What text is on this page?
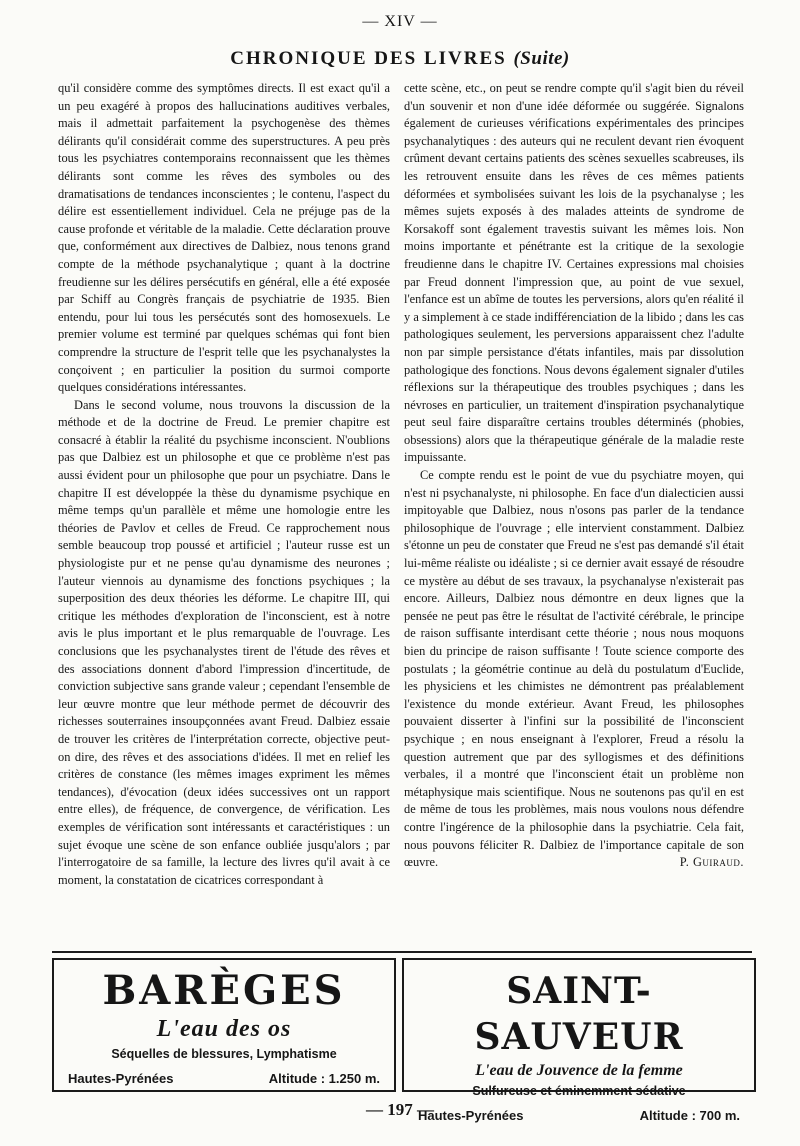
— XIV —
CHRONIQUE DES LIVRES (Suite)

qu'il considère comme des symptômes directs. Il est exact qu'il a un peu exagéré à propos des hallucinations auditives verbales, mais il admettait parfaitement la psychogenèse des thèmes délirants qu'il considérait comme des superstructures. A peu près tous les psychiatres contemporains reconnaissent que les thèmes délirants sont comme les rêves des symboles ou des dramatisations de tendances inconscientes ; le contenu, l'aspect du délire est essentiellement individuel. Cela ne préjuge pas de la cause profonde et véritable de la maladie. Cette déclaration prouve que, conformément aux directives de Dalbiez, nous tenons grand compte de la méthode psychanalytique ; quant à la doctrine freudienne sur les délires persécutifs en général, elle a été exposée par Schiff au Congrès français de psychiatrie de 1935. Bien entendu, pour lui tous les persécutés sont des homosexuels. Le premier volume est terminé par quelques schémas qui font bien comprendre la structure de l'esprit telle que les psychanalystes la conçoivent ; en particulier la position du surmoi comporte quelques considérations intéressantes.

Dans le second volume, nous trouvons la discussion de la méthode et de la doctrine de Freud. Le premier chapitre est consacré à établir la réalité du psychisme inconscient. N'oublions pas que Dalbiez est un philosophe et que ce problème n'est pas aussi évident pour un philosophe que pour un psychiatre. Dans le chapitre II est développée la thèse du dynamisme psychique en même temps qu'un parallèle et même une homologie entre les théories de Pavlov et celles de Freud. Ce rapprochement nous semble beaucoup trop poussé et artificiel ; l'auteur russe est un physiologiste pur et ne pense qu'au dynamisme des neurones ; l'auteur viennois au dynamisme des fonctions psychiques ; la superposition des deux théories les déforme. Le chapitre III, qui critique les méthodes d'exploration de l'inconscient, est à notre avis le plus important et le plus remarquable de l'ouvrage. Les conclusions que les psychanalystes tirent de l'étude des rêves et des associations donnent d'abord l'impression d'incertitude, de conviction subjective sans grande valeur ; cependant l'ensemble de leur œuvre montre que leur méthode permet de découvrir des richesses souterraines insoupçonnées avant Freud. Dalbiez essaie de trouver les critères de l'interprétation correcte, objective peut-on dire, des rêves et des associations d'idées. Il met en relief les critères de constance (les mêmes images expriment les mêmes tendances), d'évocation (deux idées successives ont un rapport entre elles), de fréquence, de convergence, de vérification. Les exemples de vérification sont intéressants et caractéristiques : un sujet évoque une scène de son enfance oubliée jusqu'alors ; par l'interrogatoire de sa famille, la lecture des livres qu'il avait à ce moment, la constatation de cicatrices correspondant à

cette scène, etc., on peut se rendre compte qu'il s'agit bien du réveil d'un souvenir et non d'une idée déformée ou suggérée. Signalons également de curieuses vérifications expérimentales des principes psychanalytiques : des auteurs qui ne reculent devant rien évoquent crûment devant certains patients des scènes sexuelles scabreuses, ils les retrouvent ensuite dans les rêves de ces mêmes patients déformées et symbolisées suivant les lois de la psychanalyse ; les mêmes sujets exposés à des malades atteints de syndrome de Korsakoff sont également travestis suivant les mêmes lois. Non moins importante et pénétrante est la critique de la sexologie freudienne dans le chapitre IV. Certaines expressions mal choisies par Freud donnent l'impression que, au point de vue sexuel, l'enfance est un abîme de toutes les perversions, alors qu'en réalité il y a simplement à ce stade indifférenciation de la libido ; dans les cas pathologiques seulement, les perversions apparaissent chez l'adulte non par simple persistance d'états infantiles, mais par dissolution pathologique des fonctions. Nous devons également signaler d'utiles réflexions sur la thérapeutique des troubles psychiques ; dans les névroses en particulier, un traitement d'inspiration psychanalytique peut seul faire disparaître certains troubles déterminés (phobies, obsessions) alors que la thérapeutique générale de la maladie reste impuissante.

Ce compte rendu est le point de vue du psychiatre moyen, qui n'est ni psychanalyste, ni philosophe. En face d'un dialecticien aussi impitoyable que Dalbiez, nous n'osons pas parler de la tendance philosophique de l'ouvrage ; elle intervient constamment. Dalbiez s'étonne un peu de constater que Freud ne s'est pas demandé s'il était lui-même réaliste ou idéaliste ; si ce dernier avait essayé de résoudre ce mystère au début de ses travaux, la psychanalyse n'existerait pas encore. Ailleurs, Dalbiez nous démontre en deux lignes que la pensée ne peut pas être le résultat de l'activité cérébrale, le principe de raison suffisante interdisant cette théorie ; nous nous moquons bien du principe de raison suffisante ! Toute science comporte des postulats ; la géométrie continue au delà du postulatum d'Euclide, les physiciens et les chimistes ne démontrent pas préalablement l'existence du monde extérieur. Avant Freud, les philosophes pouvaient disserter à l'infini sur la possibilité de l'inconscient psychique ; en nous enseignant à l'explorer, Freud a résolu la question autrement que par des syllogismes et des définitions verbales, il a montré que l'inconscient était un problème non métaphysique mais scientifique. Nous ne soutenons pas qu'il en est de même de tous les problèmes, mais nous voulons nous défendre contre l'ingérence de la philosophie dans la psychiatrie. Cela fait, nous pouvons féliciter R. Dalbiez de l'importance capitale de son œuvre.	P. Guiraud.

BARÈGES
L'eau des os
Séquelles de blessures, Lymphatisme
Hautes-Pyrénées	Altitude : 1.250 m.
SAINT-SAUVEUR
L'eau de Jouvence de la femme
Sulfureuse et éminemment sédative
Hautes-Pyrénées	Altitude : 700 m.
— 197 —
